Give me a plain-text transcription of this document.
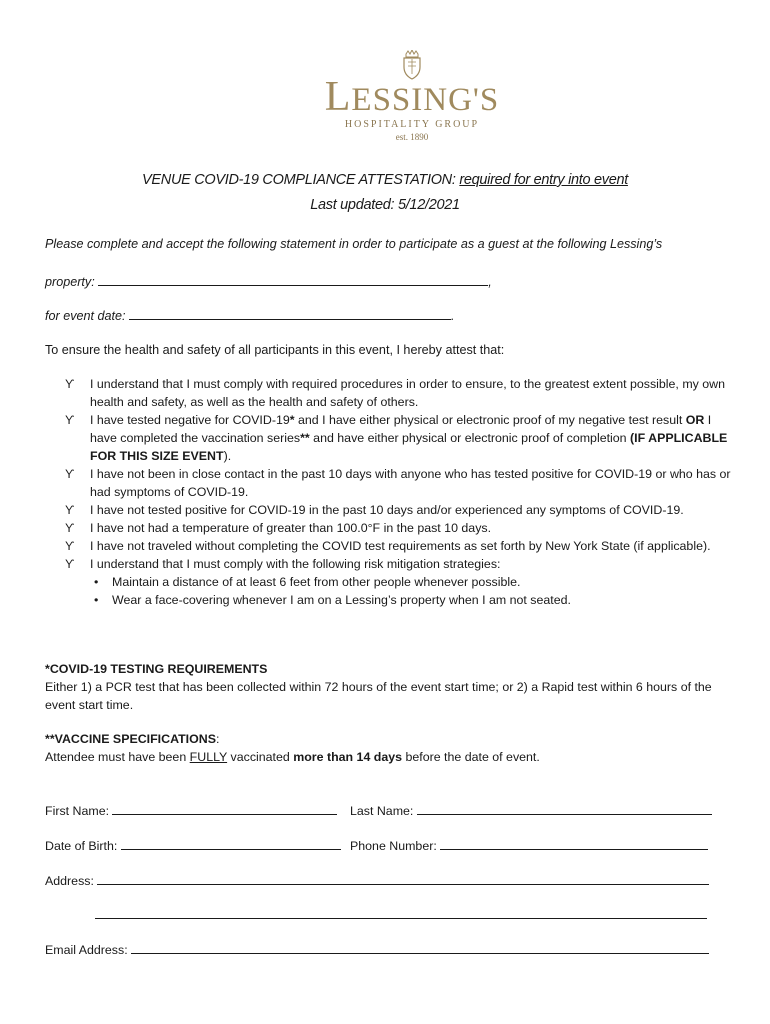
LESSING'S
HOSPITALITY GROUP
est. 1890
VENUE COVID-19 COMPLIANCE ATTESTATION: required for entry into event
Last updated: 5/12/2021
Please complete and accept the following statement in order to participate as a guest at the following Lessing’s
property:	,
for event date:	.
To ensure the health and safety of all participants in this event, I hereby attest that:
ϒ I understand that I must comply with required procedures in order to ensure, to the greatest extent possible, my own health and safety, as well as the health and safety of others.
ϒ I have tested negative for COVID-19* and I have either physical or electronic proof of my negative test result OR I have completed the vaccination series** and have either physical or electronic proof of completion (IF APPLICABLE FOR THIS SIZE EVENT).
ϒ I have not been in close contact in the past 10 days with anyone who has tested positive for COVID-19 or who has or had symptoms of COVID-19.
ϒ I have not tested positive for COVID-19 in the past 10 days and/or experienced any symptoms of COVID-19.
ϒ I have not had a temperature of greater than 100.0°F in the past 10 days.
ϒ I have not traveled without completing the COVID test requirements as set forth by New York State (if applicable).
ϒ I understand that I must comply with the following risk mitigation strategies:
• Maintain a distance of at least 6 feet from other people whenever possible.
• Wear a face-covering whenever I am on a Lessing’s property when I am not seated.
*COVID-19 TESTING REQUIREMENTS
Either 1) a PCR test that has been collected within 72 hours of the event start time; or 2) a Rapid test within 6 hours of the event start time.
**VACCINE SPECIFICATIONS:
Attendee must have been FULLY vaccinated more than 14 days before the date of event.
First Name:	Last Name:
Date of Birth:	Phone Number:
Address:
Email Address:
